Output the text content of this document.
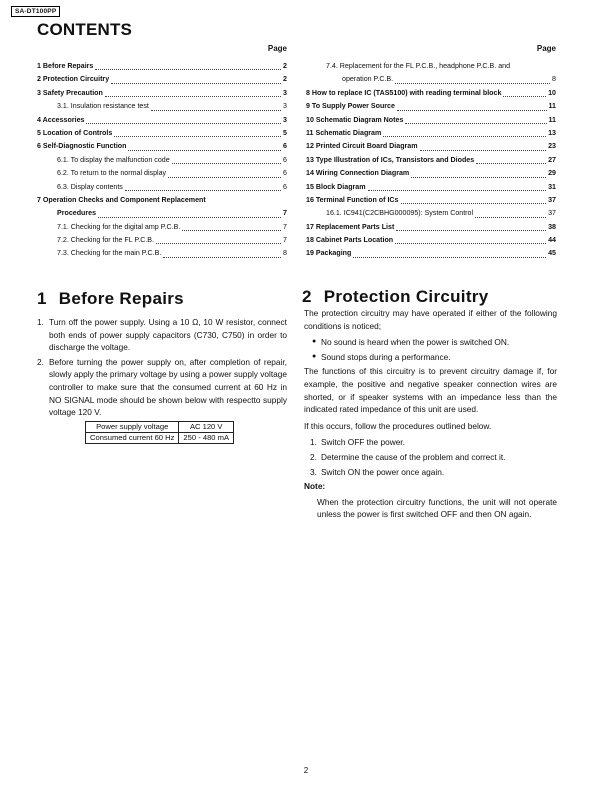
SA-DT100PP
CONTENTS
Page
1 Before Repairs	2
2 Protection Circuitry	2
3 Safety Precaution	3
3.1. Insulation resistance test	3
4 Accessories	3
5 Location of Controls	5
6 Self-Diagnostic Function	6
6.1. To display the malfunction code	6
6.2. To return to the normal display	6
6.3. Display contents	6
7 Operation Checks and Component Replacement
Procedures	7
7.1. Checking for the digital amp P.C.B.	7
7.2. Checking for the FL P.C.B.	7
7.3. Checking for the main P.C.B.	8
Page
7.4. Replacement for the FL P.C.B., headphone P.C.B. and
operation P.C.B.	8
8 How to replace IC (TAS5100) with reading terminal block	10
9 To Supply Power Source	11
10 Schematic Diagram Notes	11
11 Schematic Diagram	13
12 Printed Circuit Board Diagram	23
13 Type Illustration of ICs, Transistors and Diodes	27
14 Wiring Connection Diagram	29
15 Block Diagram	31
16 Terminal Function of ICs	37
16.1. IC941(C2CBHG000095): System Control	37
17 Replacement Parts List	38
18 Cabinet Parts Location	44
19 Packaging	45
1 Before Repairs
1. Turn off the power supply. Using a 10 Ω, 10 W resistor, connect both ends of power supply capacitors (C730, C750) in order to discharge the voltage.
2. Before turning the power supply on, after completion of repair, slowly apply the primary voltage by using a power supply voltage controller to make sure that the consumed current at 60 Hz in NO SIGNAL mode should be shown below with respectto supply voltage 120 V.
Power supply voltage	AC 120 V
Consumed current 60 Hz	250 - 480 mA
2 Protection Circuitry
The protection circuitry may have operated if either of the following conditions is noticed;
● No sound is heard when the power is switched ON.
● Sound stops during a performance.
The functions of this circuitry is to prevent circuitry damage if, for example, the positive and negative speaker connection wires are shorted, or if speaker systems with an impedance less than the indicated rated impedance of this unit are used.
If this occurs, follow the procedures outlined below.
1. Switch OFF the power.
2. Determine the cause of the problem and correct it.
3. Switch ON the power once again.
Note:
When the protection circuitry functions, the unit will not operate unless the power is first switched OFF and then ON again.
2
